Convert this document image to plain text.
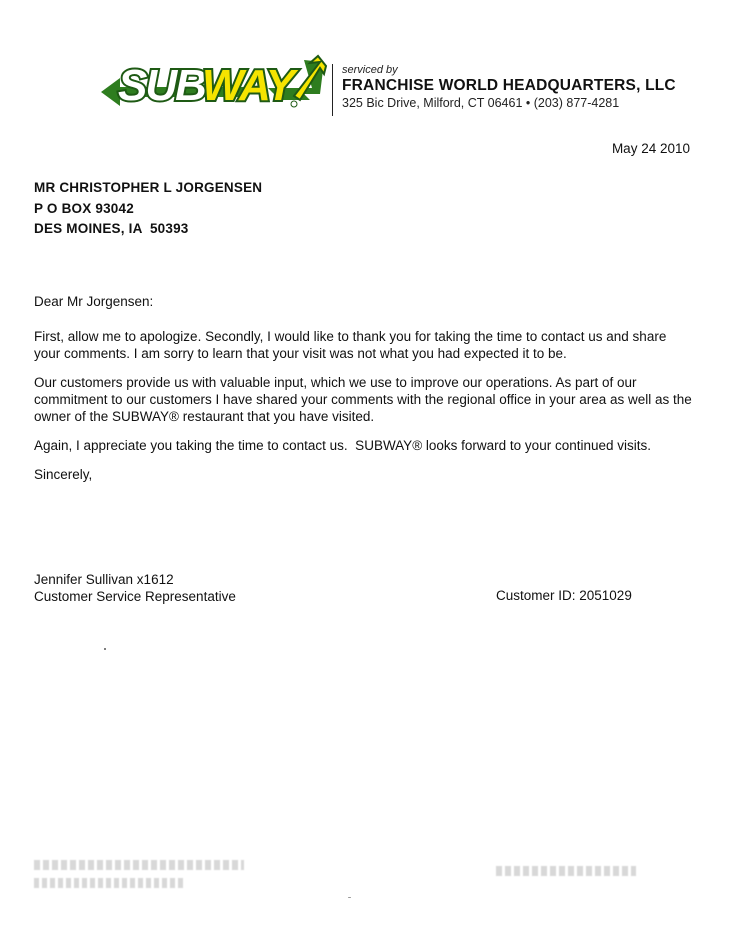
SUB
WAY	serviced by
FRANCHISE WORLD HEADQUARTERS, LLC
325 Bic Drive, Milford, CT 06461 • (203) 877-4281
May 24 2010
MR CHRISTOPHER L JORGENSEN
P O BOX 93042
DES MOINES, IA  50393

Dear Mr Jorgensen:

First, allow me to apologize. Secondly, I would like to thank you for taking the time to contact us and share your comments. I am sorry to learn that your visit was not what you had expected it to be.

Our customers provide us with valuable input, which we use to improve our operations. As part of our commitment to our customers I have shared your comments with the regional office in your area as well as the owner of the SUBWAY® restaurant that you have visited.

Again, I appreciate you taking the time to contact us.  SUBWAY® looks forward to your continued visits.

Sincerely,

Jennifer Sullivan x1612
Customer Service Representative	Customer ID: 2051029
